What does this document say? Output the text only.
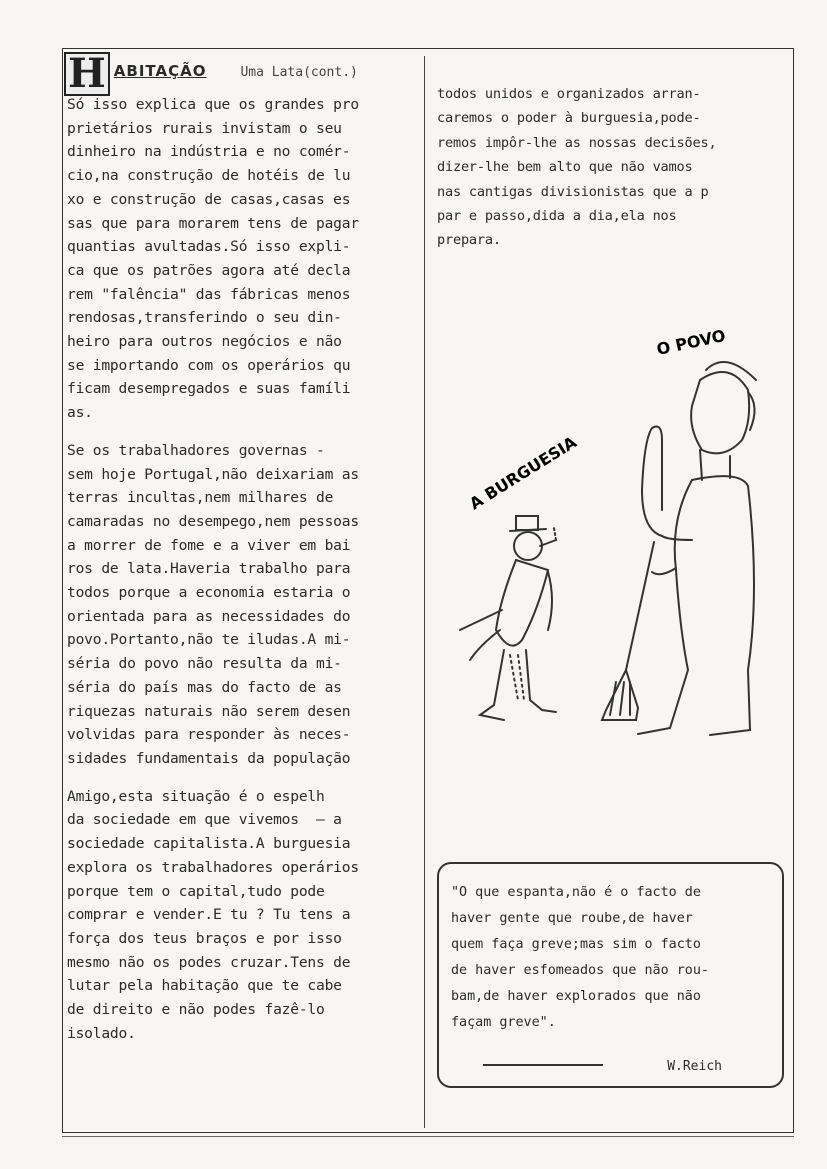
H ABITAÇÃO	Uma Lata(cont.)

Só isso explica que os grandes pro
prietários rurais invistam o seu
dinheiro na indústria e no comér-
cio,na construção de hotéis de lu
xo e construção de casas,casas es
sas que para morarem tens de pagar
quantias avultadas.Só isso expli-
ca que os patrões agora até decla
rem "falência" das fábricas menos
rendosas,transferindo o seu din-
heiro para outros negócios e não
se importando com os operários qu
ficam desempregados e suas famíli
as.

Se os trabalhadores governas -
sem hoje Portugal,não deixariam as
terras incultas,nem milhares de
camaradas no desempego,nem pessoas
a morrer de fome e a viver em bai
ros de lata.Haveria trabalho para
todos porque a economia estaria o
orientada para as necessidades do
povo.Portanto,não te iludas.A mi-
séria do povo não resulta da mi-
séria do país mas do facto de as
riquezas naturais não serem desen
volvidas para responder às neces-
sidades fundamentais da população

Amigo,esta situação é o espelh
da sociedade em que vivemos  — a
sociedade capitalista.A burguesia
explora os trabalhadores operários
porque tem o capital,tudo pode
comprar e vender.E tu ? Tu tens a
força dos teus braços e por isso
mesmo não os podes cruzar.Tens de
lutar pela habitação que te cabe
de direito e não podes fazê-lo
isolado.

todos unidos e organizados arran-
caremos o poder à burguesia,pode-
remos impôr-lhe as nossas decisões,
dizer-lhe bem alto que não vamos
nas cantigas divisionistas que a p
par e passo,dida a dia,ela nos
prepara.

A BURGUESIA
O POVO

"O que espanta,não é o facto de
haver gente que roube,de haver
quem faça greve;mas sim o facto
de haver esfomeados que não rou-
bam,de haver explorados que não
façam greve".

W.Reich
